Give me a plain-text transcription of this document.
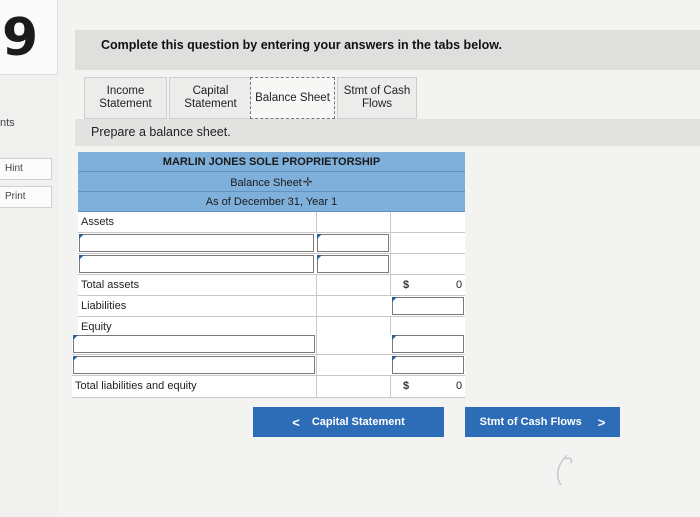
9
nts
Hint
Print
Complete this question by entering your answers in the tabs below.
Income
Statement
Capital
Statement
Balance Sheet
Stmt of Cash
Flows
Prepare a balance sheet.
MARLIN JONES SOLE PROPRIETORSHIP
Balance Sheet✛
As of December 31, Year 1
Assets
Total assets	$	0
Liabilities
Equity
Total liabilities and equity	$	0
< Capital Statement	Stmt of Cash Flows >
